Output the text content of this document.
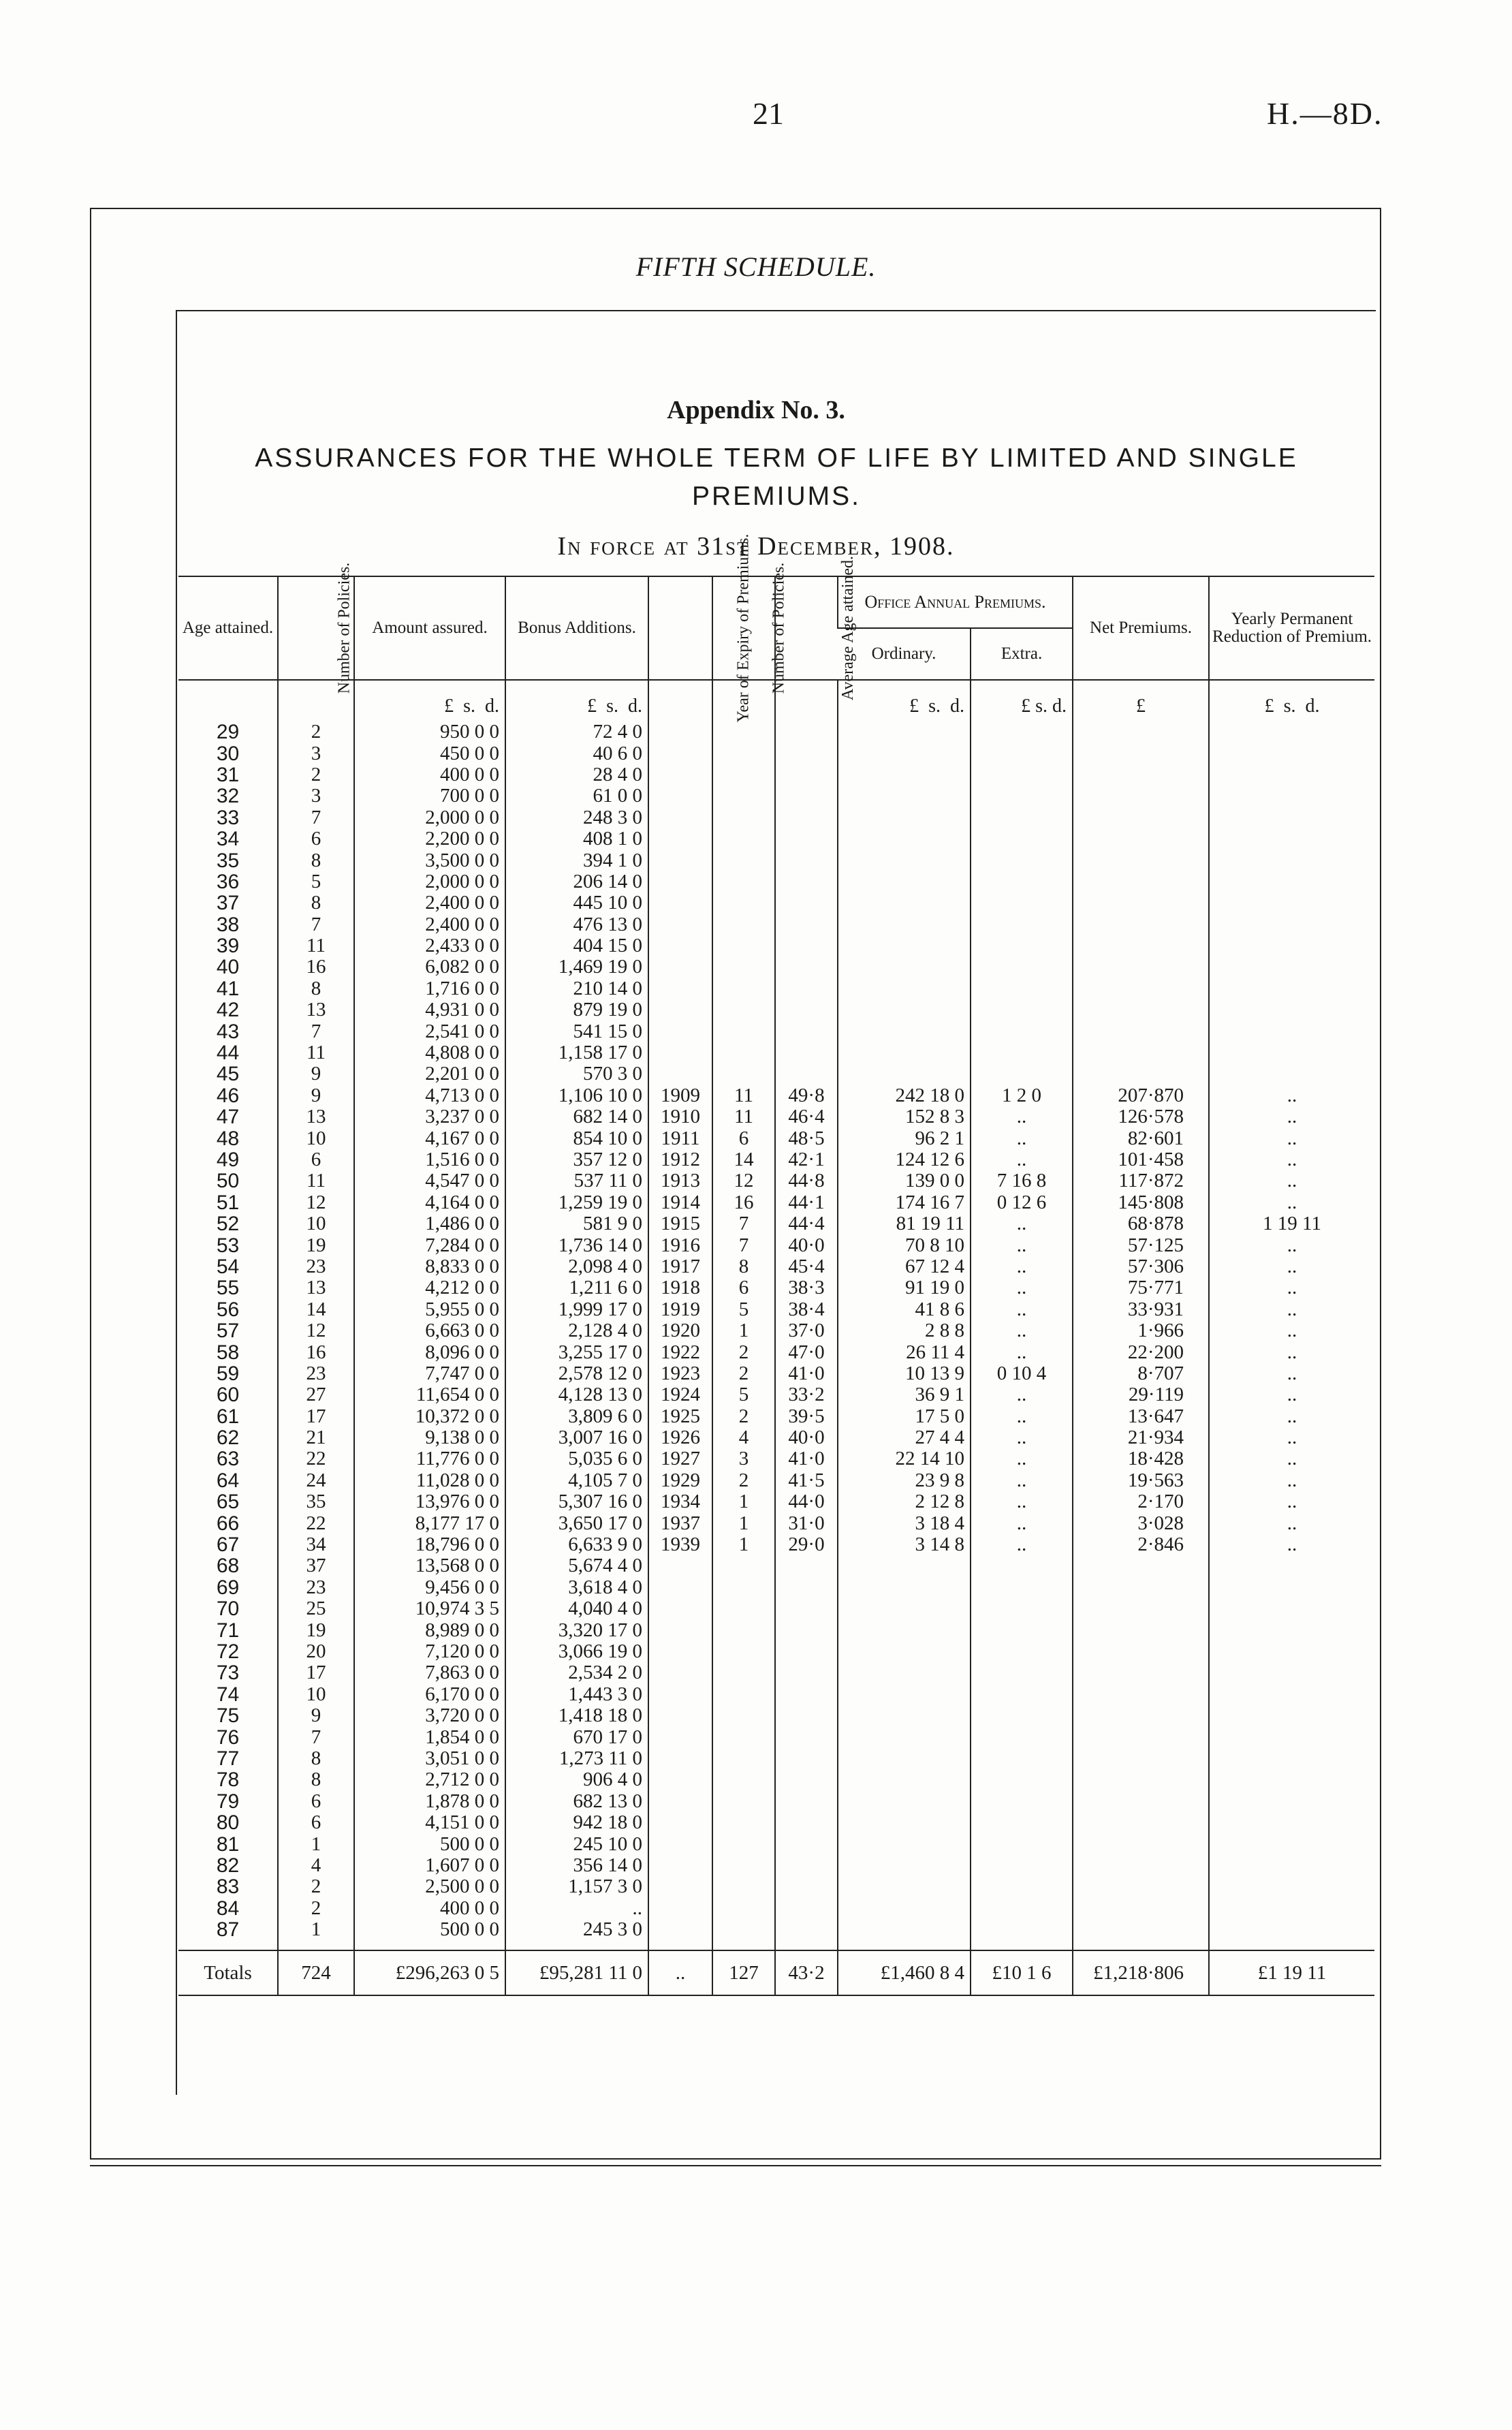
21	H.—8D.
FIFTH SCHEDULE.
Appendix No. 3.
ASSURANCES FOR THE WHOLE TERM OF LIFE BY LIMITED AND SINGLE PREMIUMS.
In force at 31st December, 1908.
Age attained.	Number of Policies.	Amount assured.	Bonus Additions.	Year of Expiry of Premiums.	Number of Policies.	Average Age attained.	Office Annual Premiums.		Net Premiums.	Yearly Permanent Reduction of Premium.
							Ordinary.	Extra.		
		£ s. d.	£ s. d.				£ s. d.	£ s. d.	£	£ s. d.
29	2	950 0 0	72 4 0							
30	3	450 0 0	40 6 0							
31	2	400 0 0	28 4 0							
32	3	700 0 0	61 0 0							
33	7	2,000 0 0	248 3 0							
34	6	2,200 0 0	408 1 0							
35	8	3,500 0 0	394 1 0							
36	5	2,000 0 0	206 14 0							
37	8	2,400 0 0	445 10 0							
38	7	2,400 0 0	476 13 0							
39	11	2,433 0 0	404 15 0							
40	16	6,082 0 0	1,469 19 0							
41	8	1,716 0 0	210 14 0							
42	13	4,931 0 0	879 19 0							
43	7	2,541 0 0	541 15 0							
44	11	4,808 0 0	1,158 17 0							
45	9	2,201 0 0	570 3 0							
46	9	4,713 0 0	1,106 10 0	1909	11	49·8	242 18 0	1 2 0	207·870	..
47	13	3,237 0 0	682 14 0	1910	11	46·4	152 8 3	..	126·578	..
48	10	4,167 0 0	854 10 0	1911	6	48·5	96 2 1	..	82·601	..
49	6	1,516 0 0	357 12 0	1912	14	42·1	124 12 6	..	101·458	..
50	11	4,547 0 0	537 11 0	1913	12	44·8	139 0 0	7 16 8	117·872	..
51	12	4,164 0 0	1,259 19 0	1914	16	44·1	174 16 7	0 12 6	145·808	..
52	10	1,486 0 0	581 9 0	1915	7	44·4	81 19 11	..	68·878	1 19 11
53	19	7,284 0 0	1,736 14 0	1916	7	40·0	70 8 10	..	57·125	..
54	23	8,833 0 0	2,098 4 0	1917	8	45·4	67 12 4	..	57·306	..
55	13	4,212 0 0	1,211 6 0	1918	6	38·3	91 19 0	..	75·771	..
56	14	5,955 0 0	1,999 17 0	1919	5	38·4	41 8 6	..	33·931	..
57	12	6,663 0 0	2,128 4 0	1920	1	37·0	2 8 8	..	1·966	..
58	16	8,096 0 0	3,255 17 0	1922	2	47·0	26 11 4	..	22·200	..
59	23	7,747 0 0	2,578 12 0	1923	2	41·0	10 13 9	0 10 4	8·707	..
60	27	11,654 0 0	4,128 13 0	1924	5	33·2	36 9 1	..	29·119	..
61	17	10,372 0 0	3,809 6 0	1925	2	39·5	17 5 0	..	13·647	..
62	21	9,138 0 0	3,007 16 0	1926	4	40·0	27 4 4	..	21·934	..
63	22	11,776 0 0	5,035 6 0	1927	3	41·0	22 14 10	..	18·428	..
64	24	11,028 0 0	4,105 7 0	1929	2	41·5	23 9 8	..	19·563	..
65	35	13,976 0 0	5,307 16 0	1934	1	44·0	2 12 8	..	2·170	..
66	22	8,177 17 0	3,650 17 0	1937	1	31·0	3 18 4	..	3·028	..
67	34	18,796 0 0	6,633 9 0	1939	1	29·0	3 14 8	..	2·846	..
68	37	13,568 0 0	5,674 4 0							
69	23	9,456 0 0	3,618 4 0							
70	25	10,974 3 5	4,040 4 0							
71	19	8,989 0 0	3,320 17 0							
72	20	7,120 0 0	3,066 19 0							
73	17	7,863 0 0	2,534 2 0							
74	10	6,170 0 0	1,443 3 0							
75	9	3,720 0 0	1,418 18 0							
76	7	1,854 0 0	670 17 0							
77	8	3,051 0 0	1,273 11 0							
78	8	2,712 0 0	906 4 0							
79	6	1,878 0 0	682 13 0							
80	6	4,151 0 0	942 18 0							
81	1	500 0 0	245 10 0							
82	4	1,607 0 0	356 14 0							
83	2	2,500 0 0	1,157 3 0							
84	2	400 0 0	..							
87	1	500 0 0	245 3 0							

Totals	724	£296,263 0 5	£95,281 11 0	..	127	43·2	£1,460 8 4	£10 1 6	£1,218·806	£1 19 11
